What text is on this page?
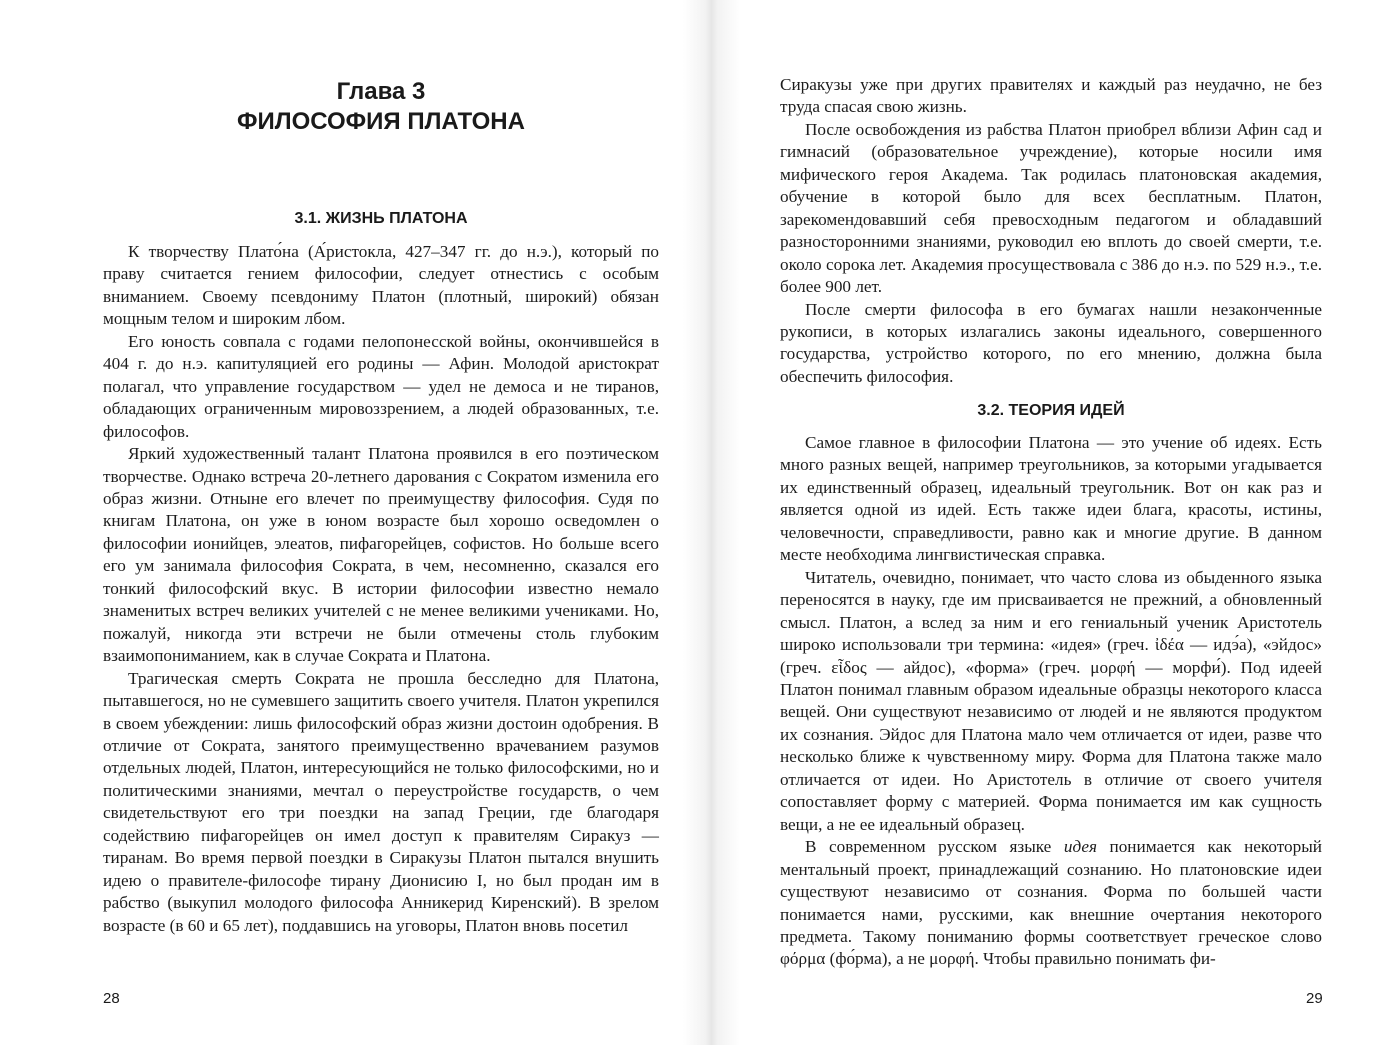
Глава 3
ФИЛОСОФИЯ ПЛАТОНА
3.1. ЖИЗНЬ ПЛАТОНА

К творчеству Плато́на (А́ристокла, 427–347 гг. до н.э.), который по праву считается гением философии, следует отнестись с особым вниманием. Своему псевдониму Платон (плотный, широкий) обязан мощным телом и широким лбом.

Его юность совпала с годами пелопонесской войны, окончившейся в 404 г. до н.э. капитуляцией его родины — Афин. Молодой аристократ полагал, что управление государством — удел не демоса и не тиранов, обладающих ограниченным мировоззрением, а людей образованных, т.е. философов.

Яркий художественный талант Платона проявился в его поэтическом творчестве. Однако встреча 20-летнего дарования с Сократом изменила его образ жизни. Отныне его влечет по преимуществу философия. Судя по книгам Платона, он уже в юном возрасте был хорошо осведомлен о философии ионийцев, элеатов, пифагорейцев, софистов. Но больше всего его ум занимала философия Сократа, в чем, несомненно, сказался его тонкий философский вкус. В истории философии известно немало знаменитых встреч великих учителей с не менее великими учениками. Но, пожалуй, никогда эти встречи не были отмечены столь глубоким взаимопониманием, как в случае Сократа и Платона.

Трагическая смерть Сократа не прошла бесследно для Платона, пытавшегося, но не сумевшего защитить своего учителя. Платон укрепился в своем убеждении: лишь философский образ жизни достоин одобрения. В отличие от Сократа, занятого преимущественно врачеванием разумов отдельных людей, Платон, интересующийся не только философскими, но и политическими знаниями, мечтал о переустройстве государств, о чем свидетельствуют его три поездки на запад Греции, где благодаря содействию пифагорейцев он имел доступ к правителям Сиракуз — тиранам. Во время первой поездки в Сиракузы Платон пытался внушить идею о правителе-философе тирану Дионисию I, но был продан им в рабство (выкупил молодого философа Анникерид Киренский). В зрелом возрасте (в 60 и 65 лет), поддавшись на уговоры, Платон вновь посетил

28

Сиракузы уже при других правителях и каждый раз неудачно, не без труда спасая свою жизнь.

После освобождения из рабства Платон приобрел вблизи Афин сад и гимнасий (образовательное учреждение), которые носили имя мифического героя Академа. Так родилась платоновская академия, обучение в которой было для всех бесплатным. Платон, зарекомендовавший себя превосходным педагогом и обладавший разносторонними знаниями, руководил ею вплоть до своей смерти, т.е. около сорока лет. Академия просуществовала с 386 до н.э. по 529 н.э., т.е. более 900 лет.

После смерти философа в его бумагах нашли незаконченные рукописи, в которых излагались законы идеального, совершенного государства, устройство которого, по его мнению, должна была обеспечить философия.

3.2. ТЕОРИЯ ИДЕЙ

Самое главное в философии Платона — это учение об идеях. Есть много разных вещей, например треугольников, за которыми угадывается их единственный образец, идеальный треугольник. Вот он как раз и является одной из идей. Есть также идеи блага, красоты, истины, человечности, справедливости, равно как и многие другие. В данном месте необходима лингвистическая справка.

Читатель, очевидно, понимает, что часто слова из обыденного языка переносятся в науку, где им присваивается не прежний, а обновленный смысл. Платон, а вслед за ним и его гениальный ученик Аристотель широко использовали три термина: «идея» (греч. ἰδέα — идэ́а), «эйдос» (греч. εἶδος — айдос), «форма» (греч. μορφή — морфи́). Под идеей Платон понимал главным образом идеальные образцы некоторого класса вещей. Они существуют независимо от людей и не являются продуктом их сознания. Эйдос для Платона мало чем отличается от идеи, разве что несколько ближе к чувственному миру. Форма для Платона также мало отличается от идеи. Но Аристотель в отличие от своего учителя сопоставляет форму с материей. Форма понимается им как сущность вещи, а не ее идеальный образец.

В современном русском языке идея понимается как некоторый ментальный проект, принадлежащий сознанию. Но платоновские идеи существуют независимо от сознания. Форма по большей части понимается нами, русскими, как внешние очертания некоторого предмета. Такому пониманию формы соответствует греческое слово φόρμα (фо́рма), а не μορφή. Чтобы правильно понимать фи-

29
